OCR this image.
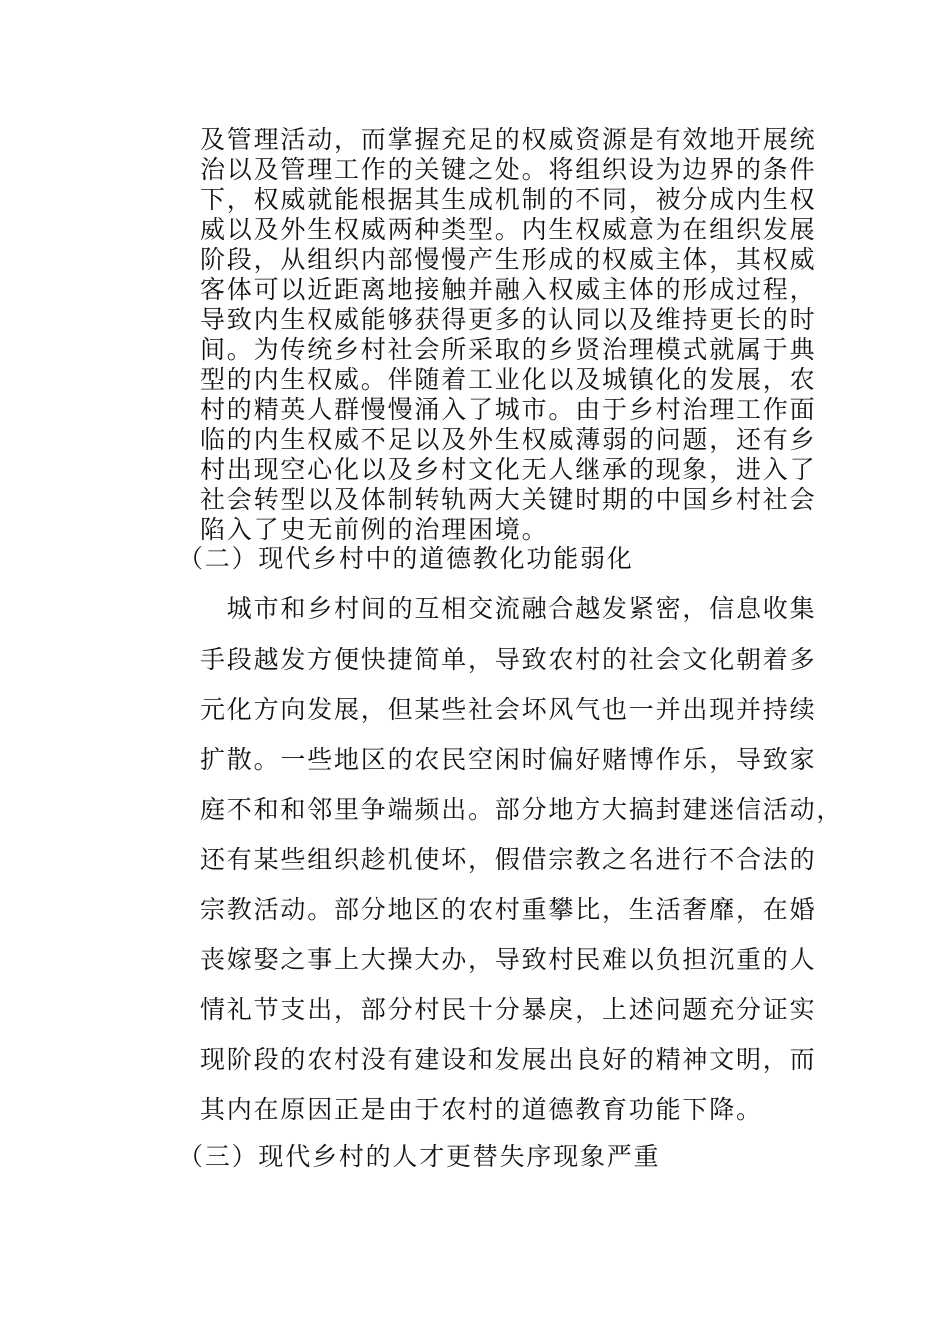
及管理活动，而掌握充足的权威资源是有效地开展统
治以及管理工作的关键之处。将组织设为边界的条件
下，权威就能根据其生成机制的不同，被分成内生权
威以及外生权威两种类型。内生权威意为在组织发展
阶段，从组织内部慢慢产生形成的权威主体，其权威
客体可以近距离地接触并融入权威主体的形成过程，
导致内生权威能够获得更多的认同以及维持更长的时
间。为传统乡村社会所采取的乡贤治理模式就属于典
型的内生权威。伴随着工业化以及城镇化的发展，农
村的精英人群慢慢涌入了城市。由于乡村治理工作面
临的内生权威不足以及外生权威薄弱的问题，还有乡
村出现空心化以及乡村文化无人继承的现象，进入了
社会转型以及体制转轨两大关键时期的中国乡村社会
陷入了史无前例的治理困境。
（二）现代乡村中的道德教化功能弱化
　城市和乡村间的互相交流融合越发紧密，信息收集
手段越发方便快捷简单，导致农村的社会文化朝着多
元化方向发展，但某些社会坏风气也一并出现并持续
扩散。一些地区的农民空闲时偏好赌博作乐，导致家
庭不和和邻里争端频出。部分地方大搞封建迷信活动，
还有某些组织趁机使坏，假借宗教之名进行不合法的
宗教活动。部分地区的农村重攀比，生活奢靡，在婚
丧嫁娶之事上大操大办，导致村民难以负担沉重的人
情礼节支出，部分村民十分暴戾，上述问题充分证实
现阶段的农村没有建设和发展出良好的精神文明，而
其内在原因正是由于农村的道德教育功能下降。
（三）现代乡村的人才更替失序现象严重
